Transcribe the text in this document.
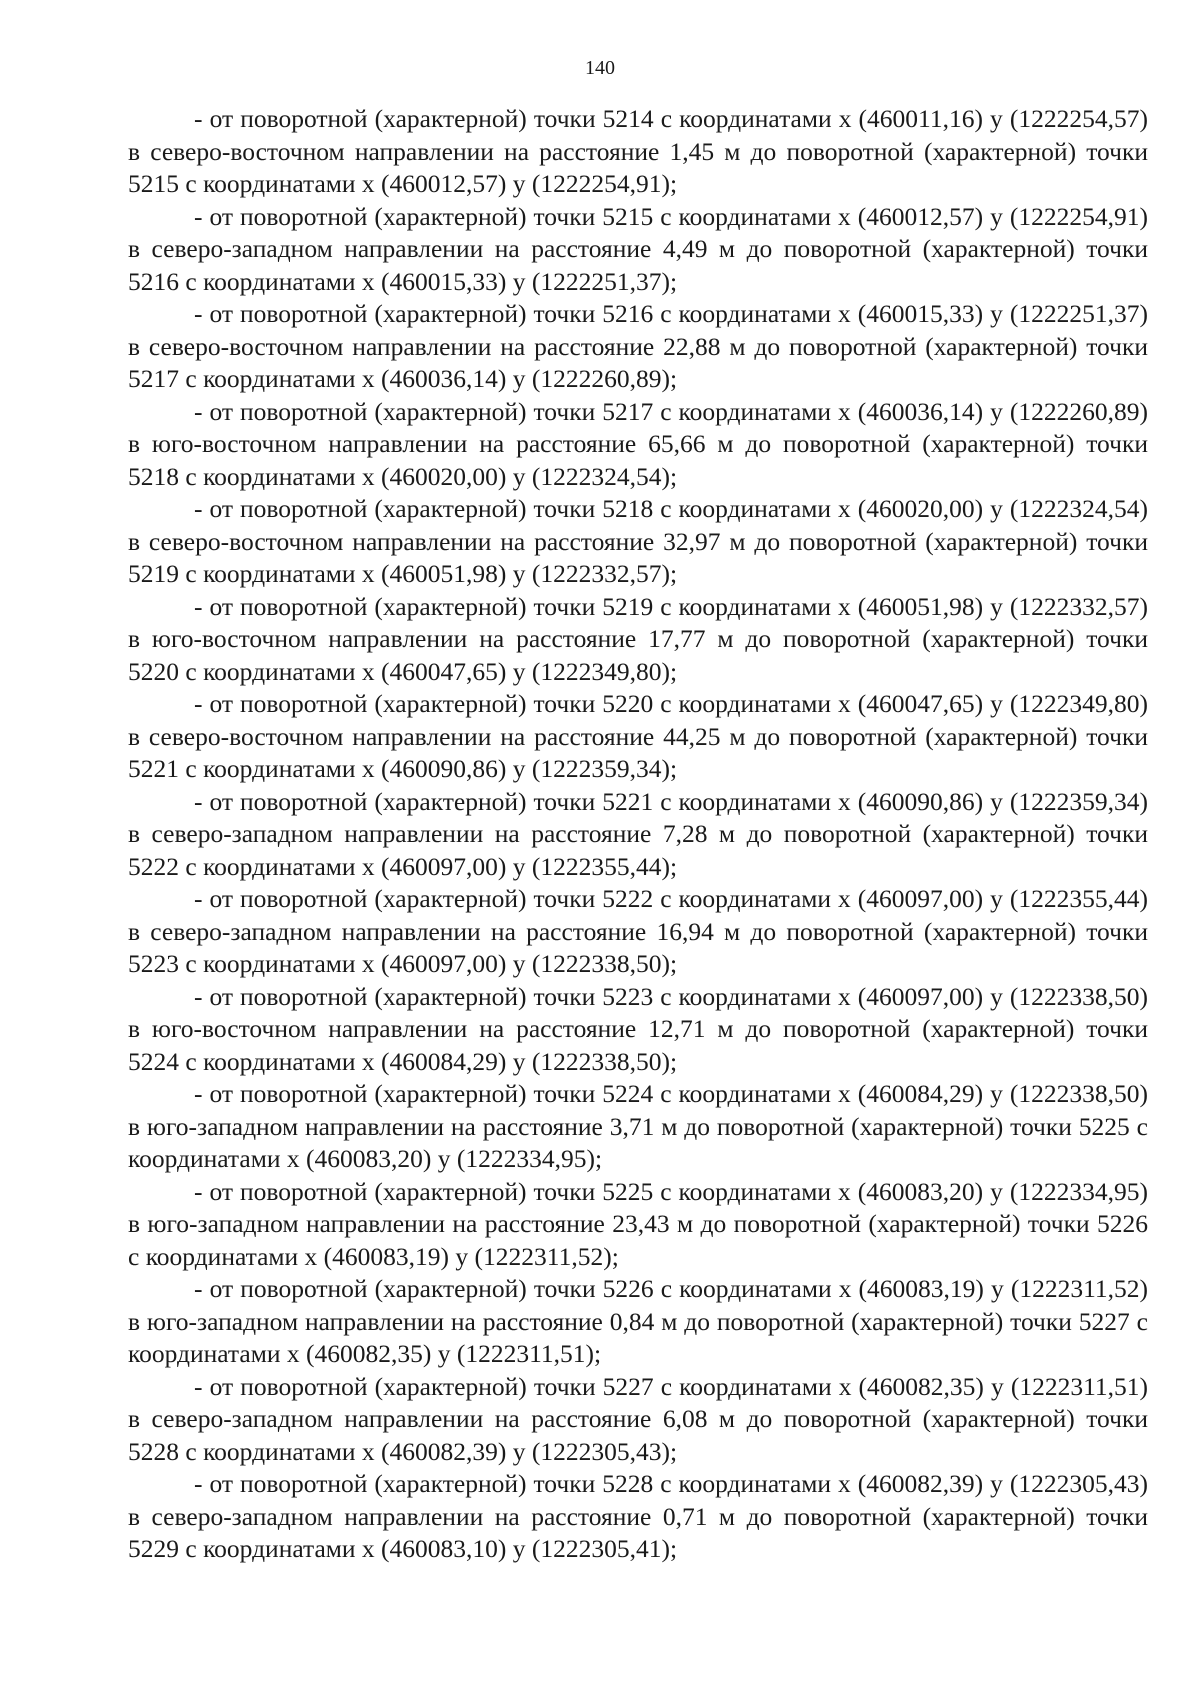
140

- от поворотной (характерной) точки 5214 с координатами х (460011,16) у (1222254,57) в северо-восточном направлении на расстояние 1,45 м до поворотной (характерной) точки 5215 с координатами х (460012,57) у (1222254,91);

- от поворотной (характерной) точки 5215 с координатами х (460012,57) у (1222254,91) в северо-западном направлении на расстояние 4,49 м до поворотной (характерной) точки 5216 с координатами х (460015,33) у (1222251,37);

- от поворотной (характерной) точки 5216 с координатами х (460015,33) у (1222251,37) в северо-восточном направлении на расстояние 22,88 м до поворотной (характерной) точки 5217 с координатами х (460036,14) у (1222260,89);

- от поворотной (характерной) точки 5217 с координатами х (460036,14) у (1222260,89) в юго-восточном направлении на расстояние 65,66 м до поворотной (характерной) точки 5218 с координатами х (460020,00) у (1222324,54);

- от поворотной (характерной) точки 5218 с координатами х (460020,00) у (1222324,54) в северо-восточном направлении на расстояние 32,97 м до поворотной (характерной) точки 5219 с координатами х (460051,98) у (1222332,57);

- от поворотной (характерной) точки 5219 с координатами х (460051,98) у (1222332,57) в юго-восточном направлении на расстояние 17,77 м до поворотной (характерной) точки 5220 с координатами х (460047,65) у (1222349,80);

- от поворотной (характерной) точки 5220 с координатами х (460047,65) у (1222349,80) в северо-восточном направлении на расстояние 44,25 м до поворотной (характерной) точки 5221 с координатами х (460090,86) у (1222359,34);

- от поворотной (характерной) точки 5221 с координатами х (460090,86) у (1222359,34) в северо-западном направлении на расстояние 7,28 м до поворотной (характерной) точки 5222 с координатами х (460097,00) у (1222355,44);

- от поворотной (характерной) точки 5222 с координатами х (460097,00) у (1222355,44) в северо-западном направлении на расстояние 16,94 м до поворотной (характерной) точки 5223 с координатами х (460097,00) у (1222338,50);

- от поворотной (характерной) точки 5223 с координатами х (460097,00) у (1222338,50) в юго-восточном направлении на расстояние 12,71 м до поворотной (характерной) точки 5224 с координатами х (460084,29) у (1222338,50);

- от поворотной (характерной) точки 5224 с координатами х (460084,29) у (1222338,50) в юго-западном направлении на расстояние 3,71 м до поворотной (характерной) точки 5225 с координатами х (460083,20) у (1222334,95);

- от поворотной (характерной) точки 5225 с координатами х (460083,20) у (1222334,95) в юго-западном направлении на расстояние 23,43 м до поворотной (характерной) точки 5226 с координатами х (460083,19) у (1222311,52);

- от поворотной (характерной) точки 5226 с координатами х (460083,19) у (1222311,52) в юго-западном направлении на расстояние 0,84 м до поворотной (характерной) точки 5227 с координатами х (460082,35) у (1222311,51);

- от поворотной (характерной) точки 5227 с координатами х (460082,35) у (1222311,51) в северо-западном направлении на расстояние 6,08 м до поворотной (характерной) точки 5228 с координатами х (460082,39) у (1222305,43);

- от поворотной (характерной) точки 5228 с координатами х (460082,39) у (1222305,43) в северо-западном направлении на расстояние 0,71 м до поворотной (характерной) точки 5229 с координатами х (460083,10) у (1222305,41);
